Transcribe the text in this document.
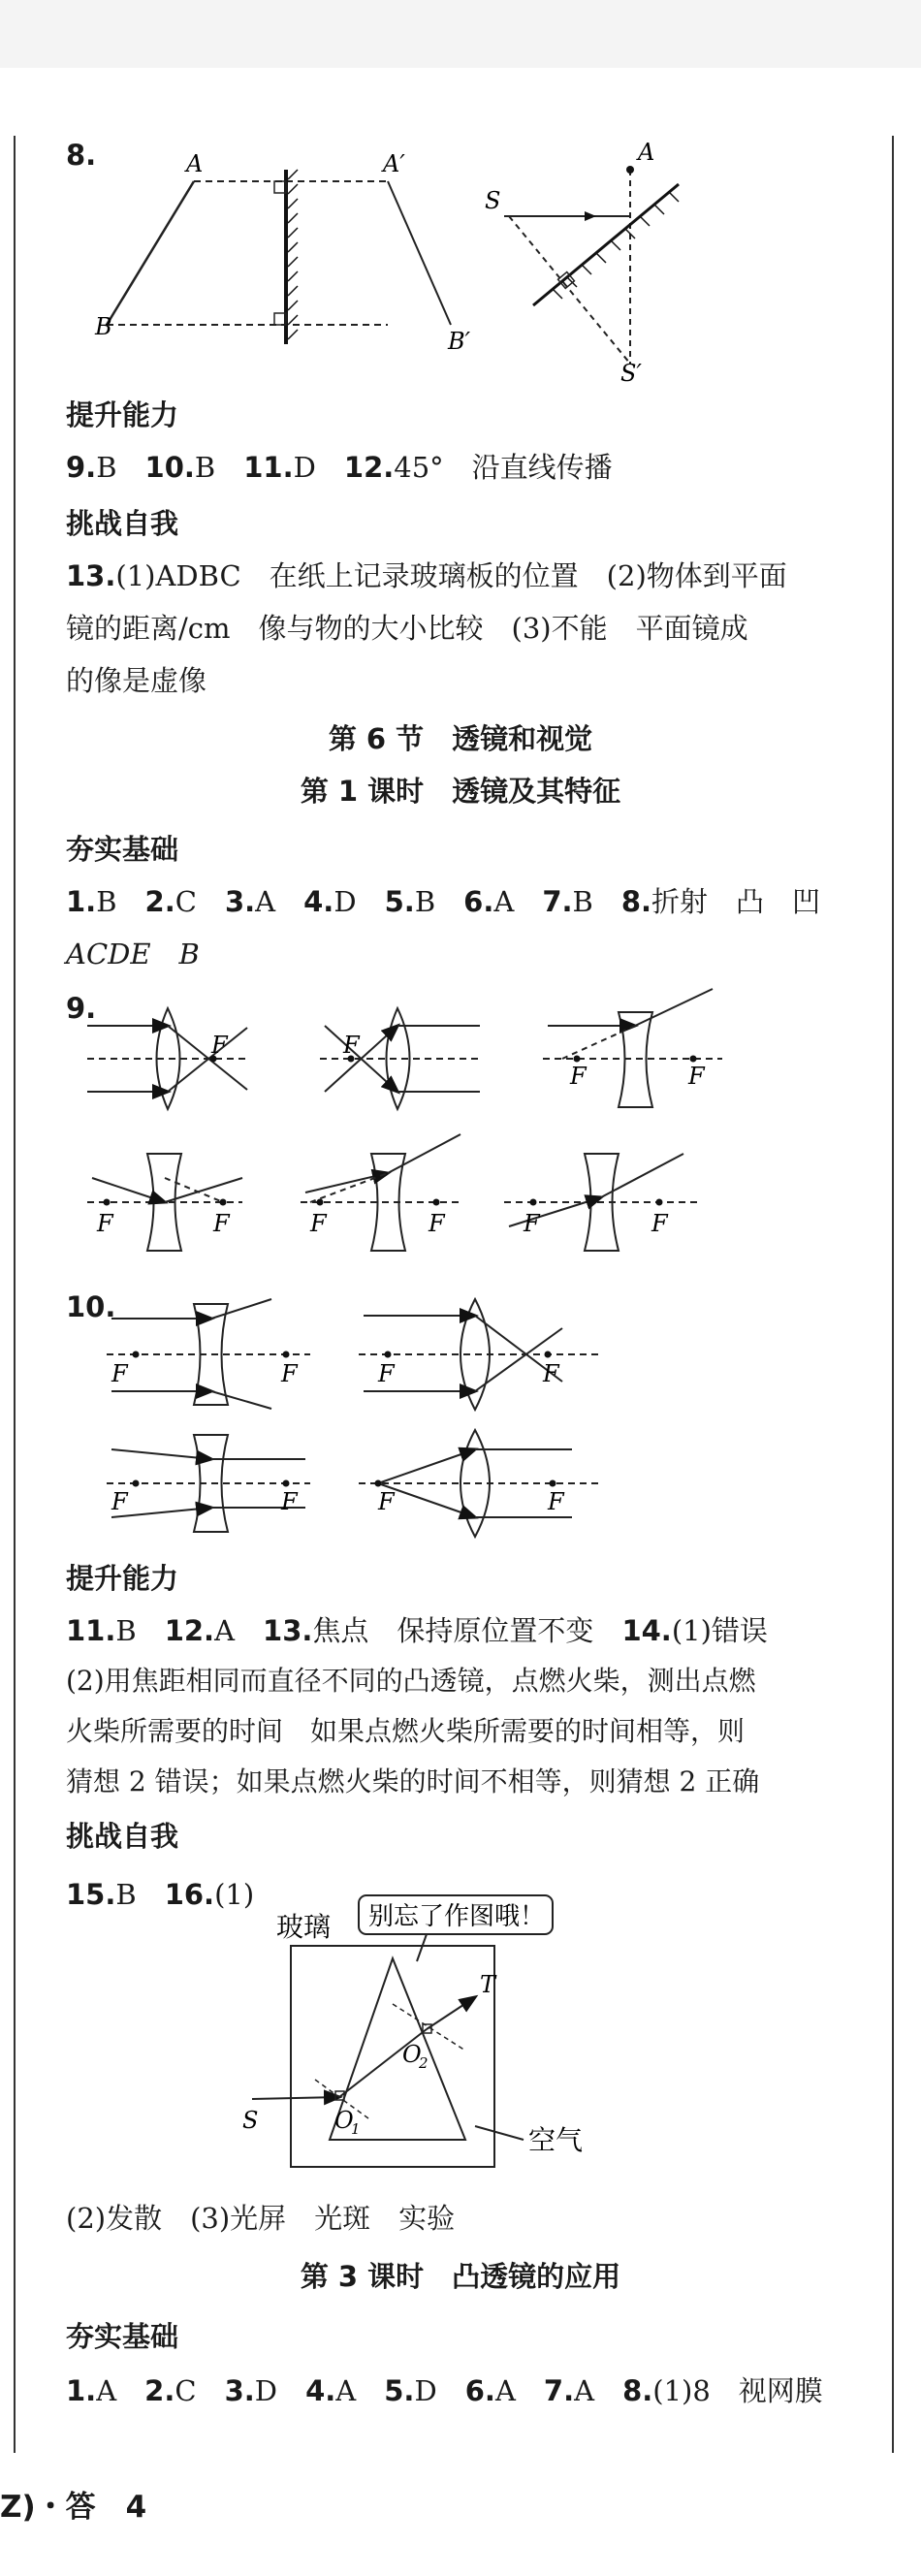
8.	A	A′
B
B′
A
S
S′
提升能力
9.B　 10.B　 11.D　 12.45°　沿直线传播
挑战自我
13.(1)ADBC　在纸上记录玻璃板的位置　(2)物体到平面
镜的距离/cm　像与物的大小比较　(3)不能　平面镜成
的像是虚像
第 6 节　透镜和视觉
第 1 课时　透镜及其特征
夯实基础
1.B　 2.C　 3.A　 4.D　 5.B　 6.A　 7.B　 8.折射　凸　凹
ACDE　B
9.
F	F
F	F
F	F	F	F	F	F
10.
F	F	F	F
F	F	F	F
提升能力
11.B　 12.A　 13.焦点　保持原位置不变　 14.(1)错误
(2)用焦距相同而直径不同的凸透镜，点燃火柴，测出点燃
火柴所需要的时间　如果点燃火柴所需要的时间相等，则
猜想 2 错误；如果点燃火柴的时间不相等，则猜想 2 正确
挑战自我
15.B　 16.(1)
玻璃 别忘了作图哦！
空气
T
S	O
1
O
2
(2)发散　(3)光屏　光斑　实验
第 3 课时　凸透镜的应用
夯实基础
1.A　 2.C　 3.D　 4.A　 5.D　 6.A　 7.A　 8.(1)8　视网膜
Z)・答　4
